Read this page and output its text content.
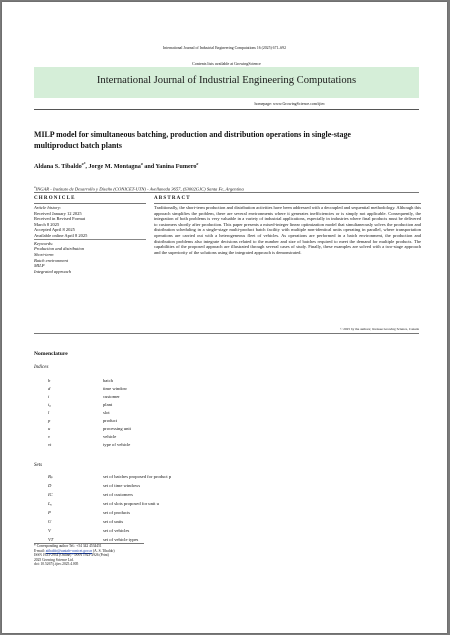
International Journal of Industrial Engineering Computations 16 (2025) 671–692
Contents lists available at GrowingScience
International Journal of Industrial Engineering Computations
homepage: www.GrowingScience.com/ijiec
MILP model for simultaneous batching, production and distribution operations in single-stage
multiproduct batch plants
Aldana S. Tibaldo$^{a*}$, Jorge M. Montagna$^a$ and Yanina Fumero$^a$
$^a$INGAR - Instituto de Desarrollo y Diseño (CONICET-UTN) - Avellaneda 3657, (S3002GJC) Santa Fe, Argentina
CHRONICLE	ABSTRACT
Article history:
Received January 12 2025
Received in Revised Format
March 8 2025
Accepted April 8 2025
Available online April 8 2025
Keywords:
Production and distribution
Short-term
Batch environment
MILP
Integrated approach
Traditionally, the short-term production and distribution activities have been addressed with a decoupled and sequential methodology. Although this approach simplifies the problem, there are several environments where it generates inefficiencies or is simply not applicable. Consequently, the integration of both problems is very valuable in a variety of industrial applications, especially in industries where final products must be delivered to customers shortly after production. This paper presents a mixed-integer linear optimization model that simultaneously solves the production and distribution scheduling in a single-stage multi-product batch facility with multiple non-identical units operating in parallel, where transportation operations are carried out with a heterogeneous fleet of vehicles. As operations are performed in a batch environment, the production and distribution problems also integrate decisions related to the number and size of batches required to meet the demand for multiple products. The capabilities of the proposed approach are illustrated through several cases of study. Finally, these examples are solved with a two-stage approach and the superiority of the solutions using the integrated approach is demonstrated.
© 2025 by the authors; licensee Growing Science, Canada
Nomenclature
Indices
b	batch
d	time window
i	customer
i₀	plant
l	slot
p	product
u	processing unit
v	vehicle
vt	type of vehicle
Sets
Bₚ	set of batches proposed for product p
D	set of time windows
IC	set of customers
Lᵤ	set of slots proposed for unit u
P	set of products
U	set of units
V	set of vehicles
VT	set of vehicle types
* Corresponding author Tel.: +54 342 4534451
E-mail: atibaldo@santafe-conicet.gov.ar (A. S. Tibaldo)
ISSN 1923-2934 (Online) - ISSN 1923-2926 (Print)
2025 Growing Science Ltd.
doi: 10.5267/j.ijiec.2025.4.005
